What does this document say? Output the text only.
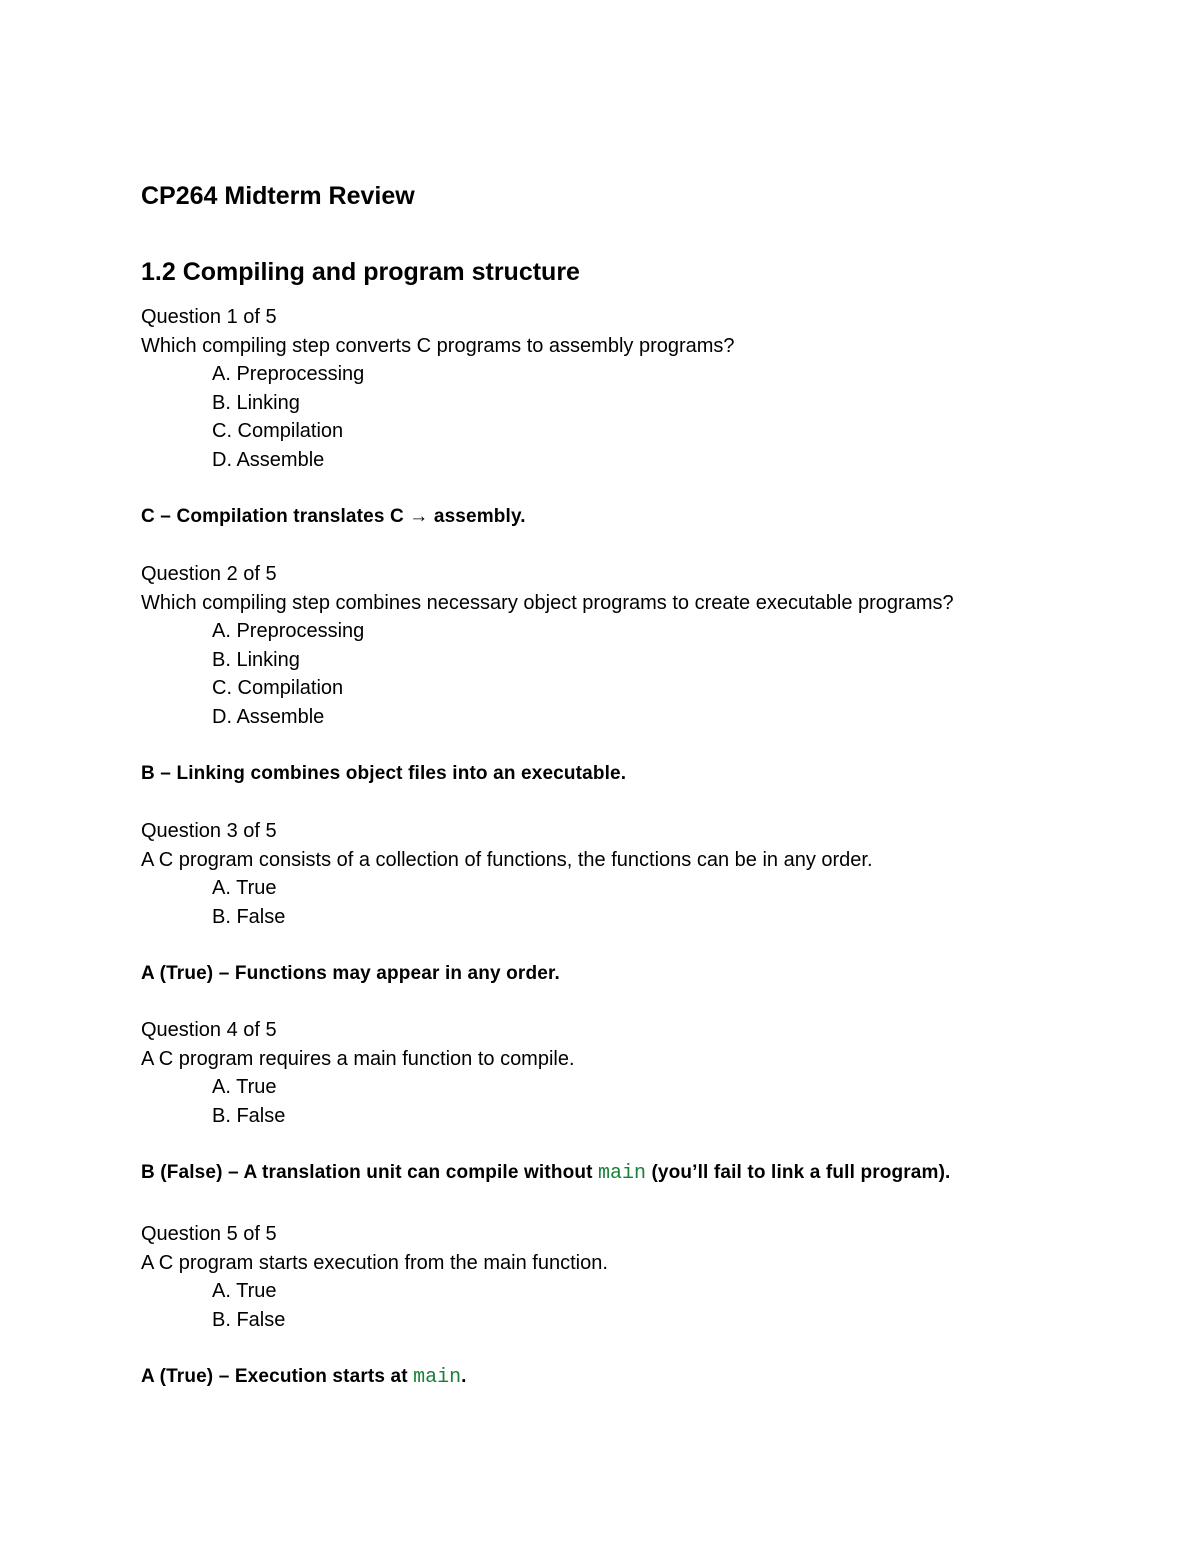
CP264 Midterm Review
1.2 Compiling and program structure
Question 1 of 5
Which compiling step converts C programs to assembly programs?
A. Preprocessing
B. Linking
C. Compilation
D. Assemble
C – Compilation translates C → assembly.
Question 2 of 5
Which compiling step combines necessary object programs to create executable programs?
A. Preprocessing
B. Linking
C. Compilation
D. Assemble
B – Linking combines object files into an executable.
Question 3 of 5
A C program consists of a collection of functions, the functions can be in any order.
A. True
B. False
A (True) – Functions may appear in any order.
Question 4 of 5
A C program requires a main function to compile.
A. True
B. False
B (False) – A translation unit can compile without main (you’ll fail to link a full program).
Question 5 of 5
A C program starts execution from the main function.
A. True
B. False
A (True) – Execution starts at main.
